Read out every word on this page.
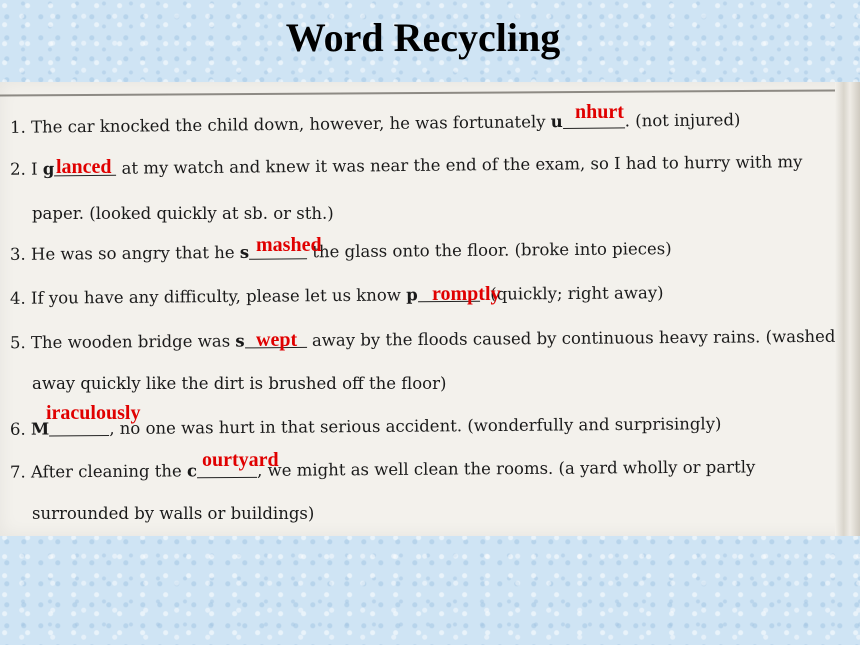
Word Recycling
1. The car knocked the child down, however, he was fortunately u	. (not injured)
2. I g	at my watch and knew it was near the end of the exam, so I had to hurry with my
paper. (looked quickly at sb. or sth.)
3. He was so angry that he s	the glass onto the floor. (broke into pieces)
4. If you have any difficulty, please let us know p	. (quickly; right away)
5. The wooden bridge was s	away by the floods caused by continuous heavy rains. (washed
away quickly like the dirt is brushed off the floor)
6. M	, no one was hurt in that serious accident. (wonderfully and surprisingly)
7. After cleaning the c	, we might as well clean the rooms. (a yard wholly or partly
surrounded by walls or buildings)
nhurt
lanced
mashed
romptly
wept
iraculously
ourtyard
